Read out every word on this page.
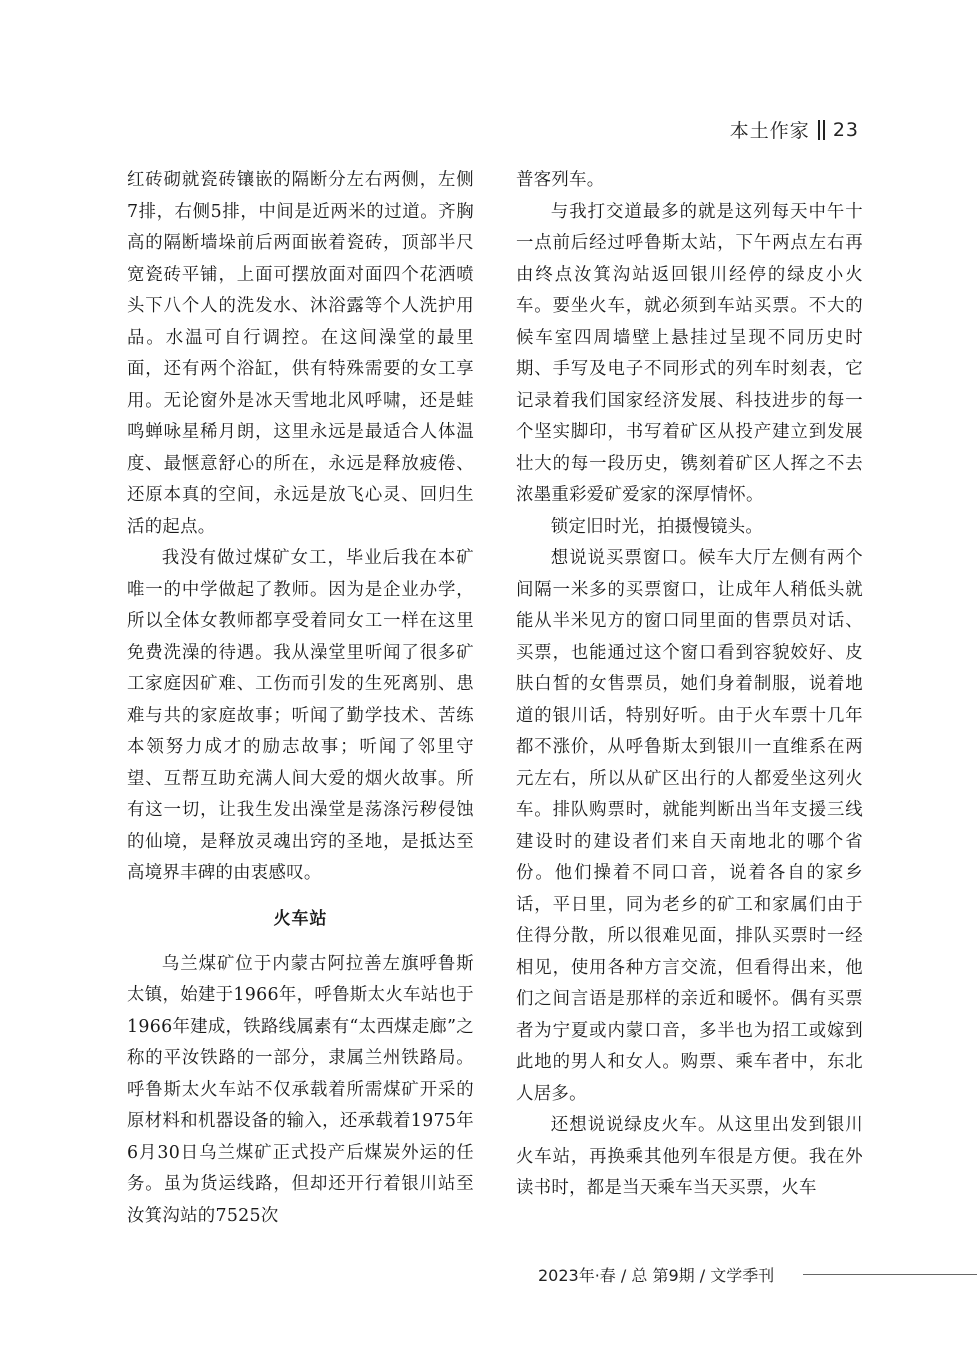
本土作家 23

红砖砌就瓷砖镶嵌的隔断分左右两侧，左侧7排，右侧5排，中间是近两米的过道。齐胸高的隔断墙垛前后两面嵌着瓷砖，顶部半尺宽瓷砖平铺，上面可摆放面对面四个花洒喷头下八个人的洗发水、沐浴露等个人洗护用品。水温可自行调控。在这间澡堂的最里面，还有两个浴缸，供有特殊需要的女工享用。无论窗外是冰天雪地北风呼啸，还是蛙鸣蝉咏星稀月朗，这里永远是最适合人体温度、最惬意舒心的所在，永远是释放疲倦、还原本真的空间，永远是放飞心灵、回归生活的起点。

我没有做过煤矿女工，毕业后我在本矿唯一的中学做起了教师。因为是企业办学，所以全体女教师都享受着同女工一样在这里免费洗澡的待遇。我从澡堂里听闻了很多矿工家庭因矿难、工伤而引发的生死离别、患难与共的家庭故事；听闻了勤学技术、苦练本领努力成才的励志故事；听闻了邻里守望、互帮互助充满人间大爱的烟火故事。所有这一切，让我生发出澡堂是荡涤污秽侵蚀的仙境，是释放灵魂出窍的圣地，是抵达至高境界丰碑的由衷感叹。

火车站

乌兰煤矿位于内蒙古阿拉善左旗呼鲁斯太镇，始建于1966年，呼鲁斯太火车站也于1966年建成，铁路线属素有“太西煤走廊”之称的平汝铁路的一部分，隶属兰州铁路局。呼鲁斯太火车站不仅承载着所需煤矿开采的原材料和机器设备的输入，还承载着1975年6月30日乌兰煤矿正式投产后煤炭外运的任务。虽为货运线路，但却还开行着银川站至汝箕沟站的7525次

普客列车。

与我打交道最多的就是这列每天中午十一点前后经过呼鲁斯太站，下午两点左右再由终点汝箕沟站返回银川经停的绿皮小火车。要坐火车，就必须到车站买票。不大的候车室四周墙壁上悬挂过呈现不同历史时期、手写及电子不同形式的列车时刻表，它记录着我们国家经济发展、科技进步的每一个坚实脚印，书写着矿区从投产建立到发展壮大的每一段历史，镌刻着矿区人挥之不去浓墨重彩爱矿爱家的深厚情怀。

锁定旧时光，拍摄慢镜头。

想说说买票窗口。候车大厅左侧有两个间隔一米多的买票窗口，让成年人稍低头就能从半米见方的窗口同里面的售票员对话、买票，也能通过这个窗口看到容貌姣好、皮肤白皙的女售票员，她们身着制服，说着地道的银川话，特别好听。由于火车票十几年都不涨价，从呼鲁斯太到银川一直维系在两元左右，所以从矿区出行的人都爱坐这列火车。排队购票时，就能判断出当年支援三线建设时的建设者们来自天南地北的哪个省份。他们操着不同口音，说着各自的家乡话，平日里，同为老乡的矿工和家属们由于住得分散，所以很难见面，排队买票时一经相见，使用各种方言交流，但看得出来，他们之间言语是那样的亲近和暖怀。偶有买票者为宁夏或内蒙口音，多半也为招工或嫁到此地的男人和女人。购票、乘车者中，东北人居多。

还想说说绿皮火车。从这里出发到银川火车站，再换乘其他列车很是方便。我在外读书时，都是当天乘车当天买票，火车

2023年·春 / 总 第9期 / 文学季刊
